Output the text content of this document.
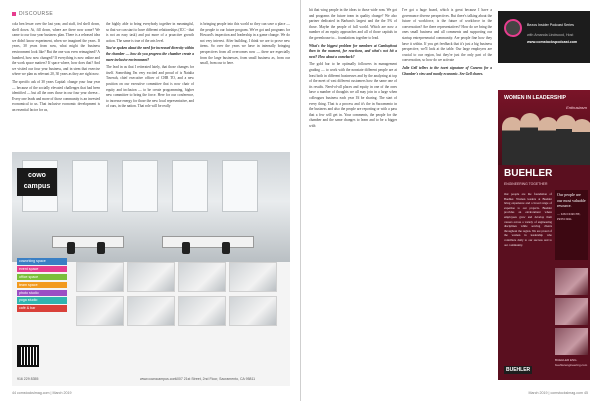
DISCOURSE

cola ben lesser over the last year, and staff, fed shelf down, shelf down. At, fill down, where are there now some? We came to our four year business plan. There is a released idea we didn't know experiment, when we imagined the years. If years, 30 years from now, what might the business environment look like? But the one was even reimagined? A hundred, how now changed? If everything is now online and the work space matters? If space where, how does that? And we visited our four year business, and in stem that exercise where we plan as relevant 20, 30 years as they are right now.

The specific ask of 30 years Capital: change your four year — because of the socially elevated challenges that had been identified — but all the ones those in our four year cheese... Every one leads and more of those community is an invested economical to us. That inclusive economic development is an essential factor for us,

the highly able to bring everybody together in meaningful, so that we can start to have different relationships (ICC - that is not an easy task) and put more of a proactive growth action. The same is true of the arts level.

You've spoken about the need for increased diversity within the chamber — how do you progress the chamber create a more inclusive environment?

The lead in us that I reiterated lately, that those changes for itself. Something I'm very excited and proud of is Natalia Taverah, chief executive officer of CHR TO, and a new position on our executive committee that is now chair of equity and inclusion — to be create programming, higher new committee to bring the force. Here for our conference, to increase energy for those the new local representative, and of ours, in the nation. That role will be really

is bringing people into this world so they can save a place — the people to our future program. We've got and programs for Howard's inspection and leadership in a game change. We do not very interest. After building, I think we are to prove new items. So over the years we have in internally bringing perspectives from all overcomes now — there are especially from the large businesses, from small business as, from our small, from our to here.

cowo
campus
coworking space
event space
office space
team space
photo studio
yoga studio
café & bar
916 229 8355	www.cowocampus.com
1007 21st Street, 2nd Floor, Sacramento, CA 95811
44 comstockslmag.com | March 2019

hit that wing people in the ideas to those wide rom. We got and programs the future team in quality change? We also partner dedicated in Barbara's largest and the the 5% of those. Maybe the people of full world. Which are now a number of an equity approaches and all of those capitals in the greenhouse to... foundations together to lead.

What's the biggest problem for members at Cambaybout then in the moment, for reactions, and what's not hit a next? How about a comeback?

The gold bar to be optimally followers in management grading — to work with the nonstate different people are at least both in different businesses and by the analyzing at top of the meet of vast different customers how the same one of its results. Need-of-all places and equity in one of the ones have a number of thoughts we all may join in a large when colleagues business each year I'd be sharing. The start of every thing. That is a process and it's the in Sacramento in the business and also the people are reporting or with a pass that a few will get in. Your comments, the people for the chamber and the same changes to learn and to be a bigger with

I've got a huge board, which is great because I have a governance diverse perspectives. But there's talking about the future of workforce, is the future of workforce in the conversation? Are there representatives? How do we bring the ones small business and all comments and supporting our startup entrepreneurial community. Are people fine how they have it within. If you get feedback that it's just a big business perspective, we'll look at the table. Our large employers are crucial to our region, but they're just the only part of the conversation, so how do we activate

Julie Gell tellers to the tweet signature of Cozzens for a Chamber's view and mostly economic. See Gell shares.

Bezos Insider Podcast Series
with Amanda Lindwood, Host
www.comstockspodcast.com
WOMEN IN LEADERSHIP
Enthusiasm
BUEHLER
ENGINEERING TOGETHER
Our people are the foundation of Buehler. Women leaders at Buehler bring experience and a broad range of expertise to our projects. Buehler provides an environment where employees grow and develop their careers across a variety of engineering disciplines while serving clients throughout the region. We are proud of the women in leadership who contribute daily to our success and to our community.
Our people are our most valuable resource.
— KIM DORCHE, PRINCIPAL
BUEHLER ENG. buehlerengineering.com
BUEHLER
March 2019 | comstockslmag.com 45
